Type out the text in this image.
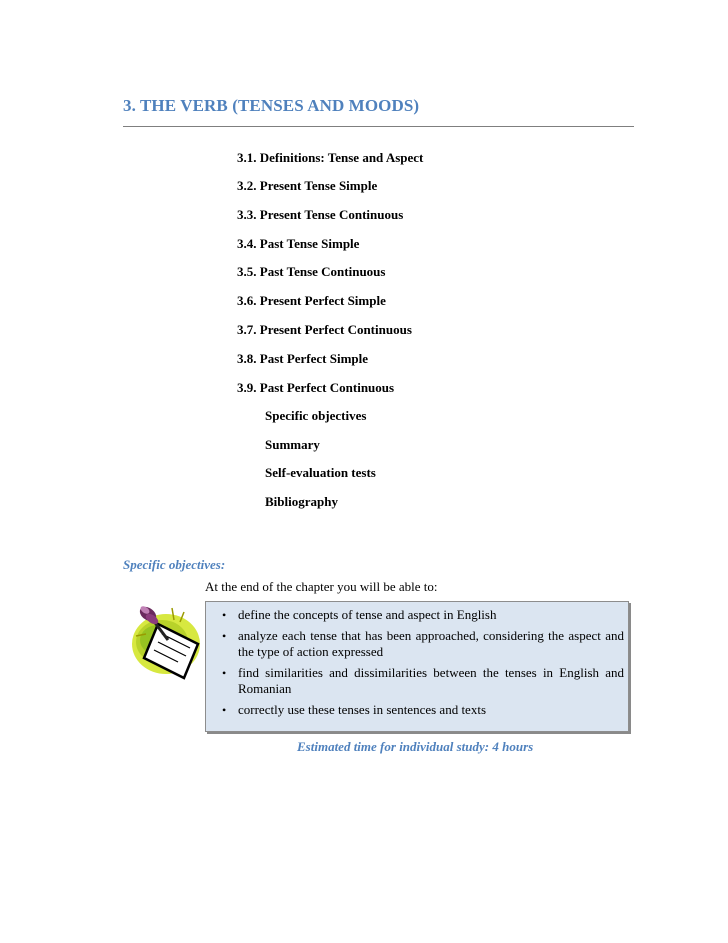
3. THE VERB (TENSES AND MOODS)
3.1. Definitions: Tense and Aspect
3.2. Present Tense Simple
3.3. Present Tense Continuous
3.4. Past Tense Simple
3.5. Past Tense Continuous
3.6. Present Perfect Simple
3.7. Present Perfect Continuous
3.8. Past Perfect Simple
3.9. Past Perfect Continuous
Specific objectives
Summary
Self-evaluation tests
Bibliography
Specific objectives:
At the end of the chapter you will be able to:
• define the concepts of tense and aspect in English
• analyze each tense that has been approached, considering the aspect and the type of action expressed
• find similarities and dissimilarities between the tenses in English and Romanian
• correctly use these tenses in sentences and texts
Estimated time for individual study: 4 hours
